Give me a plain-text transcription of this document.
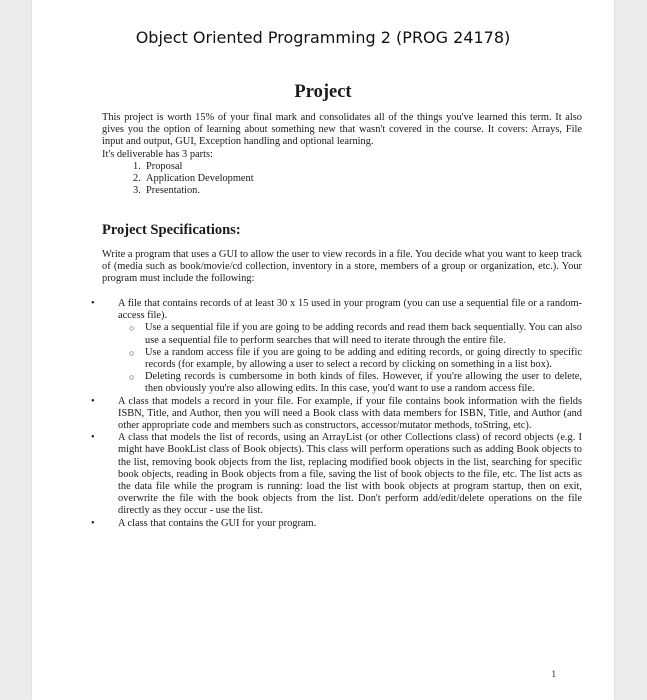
Object Oriented Programming 2 (PROG 24178)
Project
This project is worth 15% of your final mark and consolidates all of the things you've learned this term. It also gives you the option of learning about something new that wasn't covered in the course. It covers: Arrays, File input and output, GUI, Exception handling and optional learning.
It's deliverable has 3 parts:
1. Proposal
2. Application Development
3. Presentation.
Project Specifications:
Write a program that uses a GUI to allow the user to view records in a file. You decide what you want to keep track of (media such as book/movie/cd collection, inventory in a store, members of a group or organization, etc.). Your program must include the following:
• A file that contains records of at least 30 x 15 used in your program (you can use a sequential file or a random- access file).
○ Use a sequential file if you are going to be adding records and read them back sequentially. You can also use a sequential file to perform searches that will need to iterate through the entire file.
○ Use a random access file if you are going to be adding and editing records, or going directly to specific records (for example, by allowing a user to select a record by clicking on something in a list box).
○ Deleting records is cumbersome in both kinds of files. However, if you're allowing the user to delete, then obviously you're also allowing edits. In this case, you'd want to use a random access file.
• A class that models a record in your file. For example, if your file contains book information with the fields ISBN, Title, and Author, then you will need a Book class with data members for ISBN, Title, and Author (and other appropriate code and members such as constructors, accessor/mutator methods, toString, etc).
• A class that models the list of records, using an ArrayList (or other Collections class) of record objects (e.g. I might have BookList class of Book objects). This class will perform operations such as adding Book objects to the list, removing book objects from the list, replacing modified book objects in the list, searching for specific book objects, reading in Book objects from a file, saving the list of book objects to the file, etc. The list acts as the data file while the program is running: load the list with book objects at program startup, then on exit, overwrite the file with the book objects from the list. Don't perform add/edit/delete operations on the file directly as they occur - use the list.
• A class that contains the GUI for your program.
1
